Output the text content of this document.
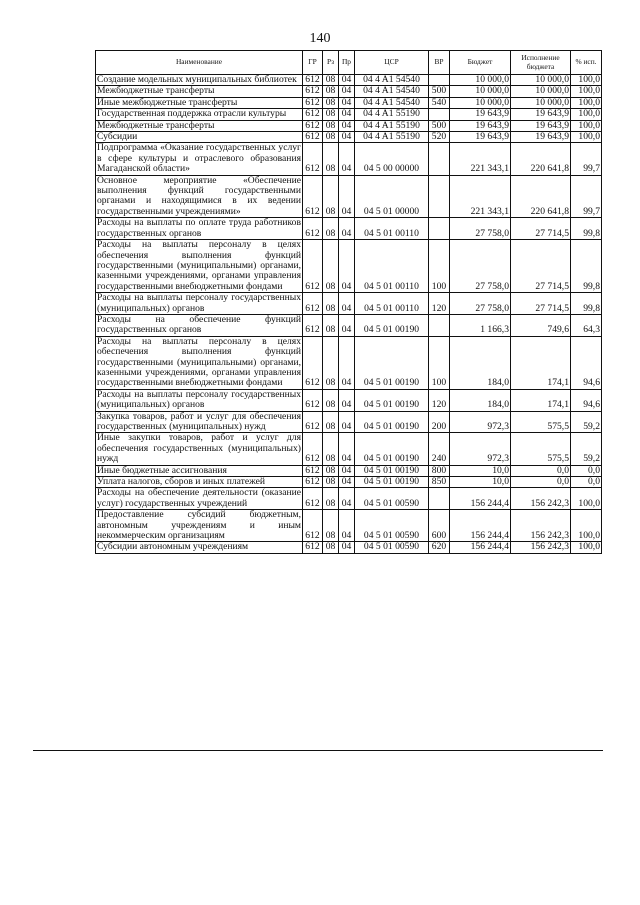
140
Наименование	ГР	Рз	Пр	ЦСР	ВР	Бюджет	Исполнение бюджета	% исп.
Создание модельных муниципальных библиотек	612	08	04	04 4 A1 54540		10 000,0	10 000,0	100,0
Межбюджетные трансферты	612	08	04	04 4 A1 54540	500	10 000,0	10 000,0	100,0
Иные межбюджетные трансферты	612	08	04	04 4 A1 54540	540	10 000,0	10 000,0	100,0
Государственная поддержка отрасли культуры	612	08	04	04 4 A1 55190		19 643,9	19 643,9	100,0
Межбюджетные трансферты	612	08	04	04 4 A1 55190	500	19 643,9	19 643,9	100,0
Субсидии	612	08	04	04 4 A1 55190	520	19 643,9	19 643,9	100,0
Подпрограмма «Оказание государственных услуг в сфере культуры и отраслевого образования Магаданской области»	612	08	04	04 5 00 00000		221 343,1	220 641,8	99,7
Основное мероприятие «Обеспечение выполнения функций государственными органами и находящимися в их ведении государственными учреждениями»	612	08	04	04 5 01 00000		221 343,1	220 641,8	99,7
Расходы на выплаты по оплате труда работников государственных органов	612	08	04	04 5 01 00110		27 758,0	27 714,5	99,8
Расходы на выплаты персоналу в целях обеспечения выполнения функций государственными (муниципальными) органами, казенными учреждениями, органами управления государственными внебюджетными фондами	612	08	04	04 5 01 00110	100	27 758,0	27 714,5	99,8
Расходы на выплаты персоналу государственных (муниципальных) органов	612	08	04	04 5 01 00110	120	27 758,0	27 714,5	99,8
Расходы на обеспечение функций государственных органов	612	08	04	04 5 01 00190		1 166,3	749,6	64,3
Расходы на выплаты персоналу в целях обеспечения выполнения функций государственными (муниципальными) органами, казенными учреждениями, органами управления государственными внебюджетными фондами	612	08	04	04 5 01 00190	100	184,0	174,1	94,6
Расходы на выплаты персоналу государственных (муниципальных) органов	612	08	04	04 5 01 00190	120	184,0	174,1	94,6
Закупка товаров, работ и услуг для обеспечения государственных (муниципальных) нужд	612	08	04	04 5 01 00190	200	972,3	575,5	59,2
Иные закупки товаров, работ и услуг для обеспечения государственных (муниципальных) нужд	612	08	04	04 5 01 00190	240	972,3	575,5	59,2
Иные бюджетные ассигнования	612	08	04	04 5 01 00190	800	10,0	0,0	0,0
Уплата налогов, сборов и иных платежей	612	08	04	04 5 01 00190	850	10,0	0,0	0,0
Расходы на обеспечение деятельности (оказание услуг) государственных учреждений	612	08	04	04 5 01 00590		156 244,4	156 242,3	100,0
Предоставление субсидий бюджетным, автономным учреждениям и иным некоммерческим организациям	612	08	04	04 5 01 00590	600	156 244,4	156 242,3	100,0
Субсидии автономным учреждениям	612	08	04	04 5 01 00590	620	156 244,4	156 242,3	100,0
